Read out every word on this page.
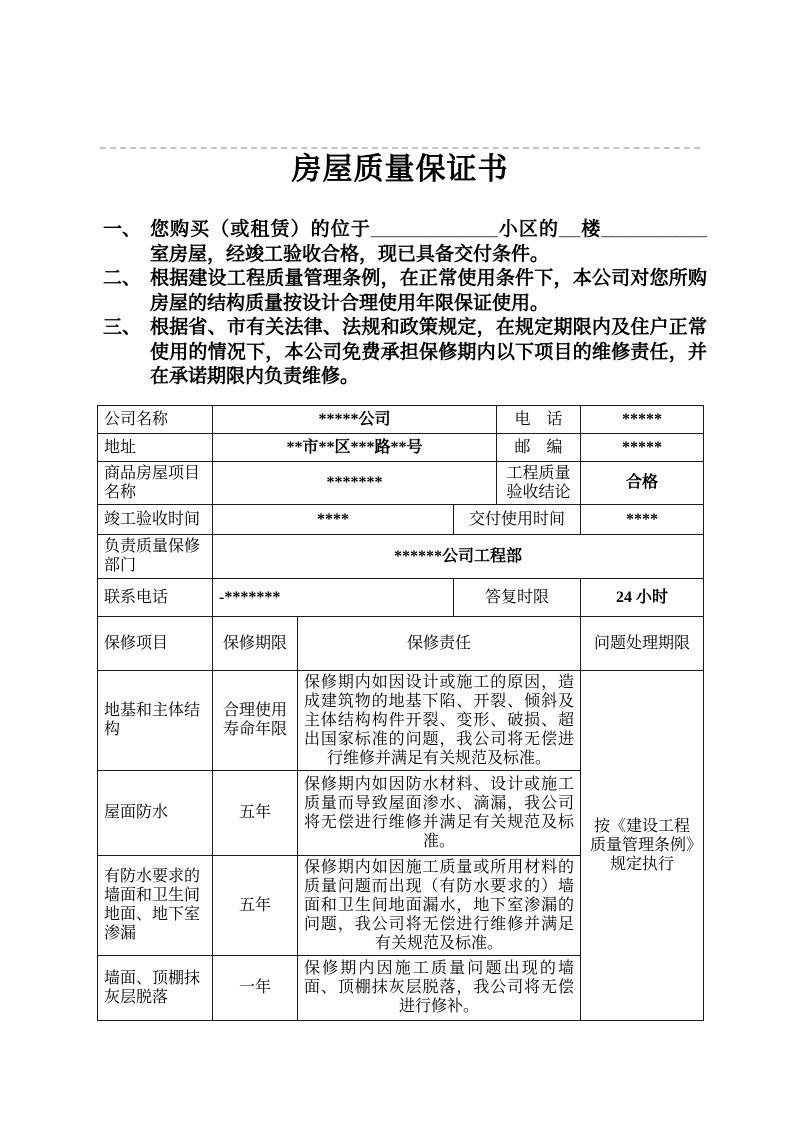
房屋质量保证书
一、 您购买（或租赁）的位于____________小区的__楼__________室房屋，经竣工验收合格，现已具备交付条件。
二、 根据建设工程质量管理条例，在正常使用条件下，本公司对您所购房屋的结构质量按设计合理使用年限保证使用。
三、 根据省、市有关法律、法规和政策规定，在规定期限内及住户正常使用的情况下，本公司免费承担保修期内以下项目的维修责任，并在承诺期限内负责维修。
公司名称	*****公司			电　话	*****
地址	**市**区***路**号			邮　编	*****
商品房屋项目名称	*******			工程质量验收结论	合格
竣工验收时间	****		交付使用时间		****
负责质量保修部门	******公司工程部				
联系电话	-*******		答复时限		24 小时
保修项目	保修期限	保修责任			问题处理期限
地基和主体结构	合理使用寿命年限	保修期内如因设计或施工的原因，造成建筑物的地基下陷、开裂、倾斜及主体结构构件开裂、变形、破损、超出国家标准的问题，我公司将无偿进行维修并满足有关规范及标准。			按《建设工程质量管理条例》规定执行
屋面防水	五年	保修期内如因防水材料、设计或施工质量而导致屋面渗水、滴漏，我公司将无偿进行维修并满足有关规范及标准。			
有防水要求的墙面和卫生间地面、地下室渗漏	五年	保修期内如因施工质量或所用材料的质量问题而出现（有防水要求的）墙面和卫生间地面漏水，地下室渗漏的问题，我公司将无偿进行维修并满足有关规范及标准。			
墙面、顶棚抹灰层脱落	一年	保修期内因施工质量问题出现的墙面、顶棚抹灰层脱落，我公司将无偿进行修补。			
